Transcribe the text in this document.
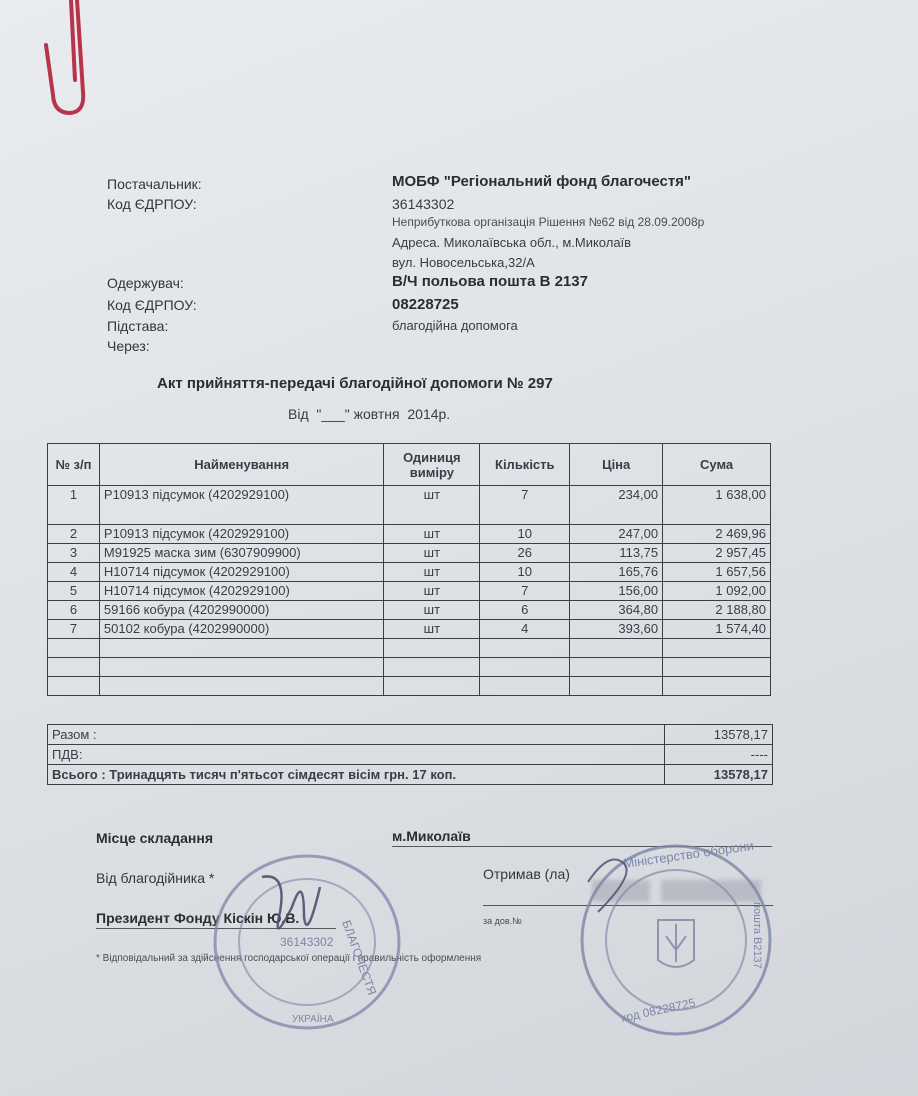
Постачальник:	МОБФ "Регіональний фонд благочестя"
Код ЄДРПОУ:	36143302
Неприбуткова організація Рішення №62 від 28.09.2008р
Адреса. Миколаївська обл., м.Миколаїв
вул. Новосельська,32/А
Одержувач:	В/Ч польова пошта В 2137
Код ЄДРПОУ:	08228725
Підстава:	благодійна допомога
Через:
Акт прийняття-передачі благодійної допомоги № 297
Від  "___" жовтня  2014р.
№ з/п	Найменування	Одиниця виміру	Кількість	Ціна	Сума
1	Р10913 підсумок (4202929100)	шт	7	234,00	1 638,00
2	Р10913 підсумок (4202929100)	шт	10	247,00	2 469,96
3	М91925 маска зим (6307909900)	шт	26	113,75	2 957,45
4	Н10714 підсумок (4202929100)	шт	10	165,76	1 657,56
5	Н10714 підсумок (4202929100)	шт	7	156,00	1 092,00
6	59166 кобура (4202990000)	шт	6	364,80	2 188,80
7	50102 кобура (4202990000)	шт	4	393,60	1 574,40

Разом :	13578,17
ПДВ:	----
Всього : Тринадцять тисяч п'ятьсот сімдесят вісім грн. 17 коп.	13578,17
Місце складання	м.Миколаїв
Від благодійника *	Отримав (ла)
Президент Фонду Кіскін Ю.В.	за дов.№
* Відповідальний за здійснення господарської операції і правильність оформлення
БЛАГОЧЕСТЯ
36143302
УКРАЇНА
Міністерство оборони
код 08228725
пошта В2137
